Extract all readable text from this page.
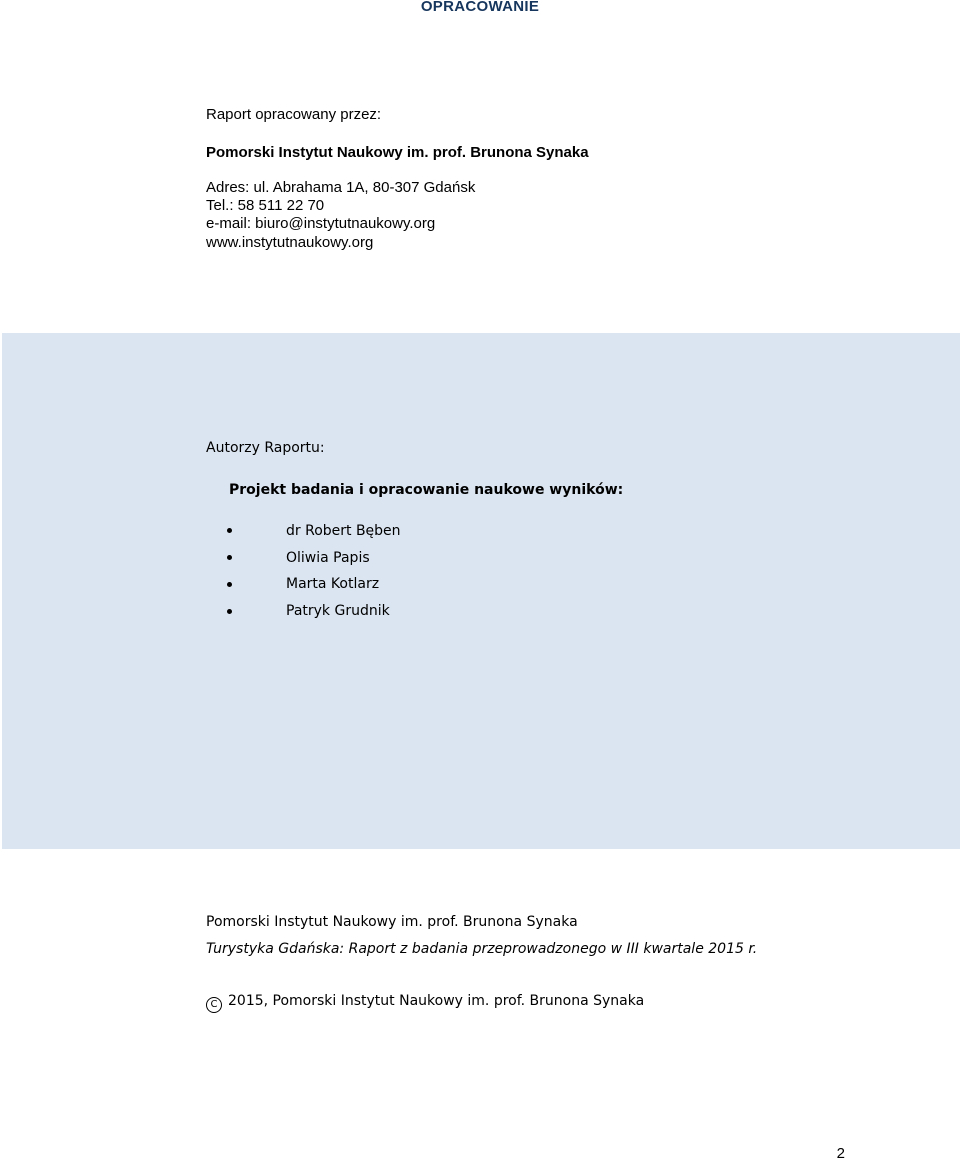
OPRACOWANIE
Raport opracowany przez:
Pomorski Instytut Naukowy im. prof. Brunona Synaka
Adres: ul. Abrahama 1A, 80-307 Gdańsk
Tel.: 58 511 22 70
e-mail: biuro@instytutnaukowy.org
www.instytutnaukowy.org
Autorzy Raportu:
Projekt badania i opracowanie naukowe wyników:
dr Robert Bęben
Oliwia Papis
Marta Kotlarz
Patryk Grudnik
Pomorski Instytut Naukowy im. prof. Brunona Synaka
Turystyka Gdańska: Raport z badania przeprowadzonego w III kwartale 2015 r.
C 2015, Pomorski Instytut Naukowy im. prof. Brunona Synaka
2
